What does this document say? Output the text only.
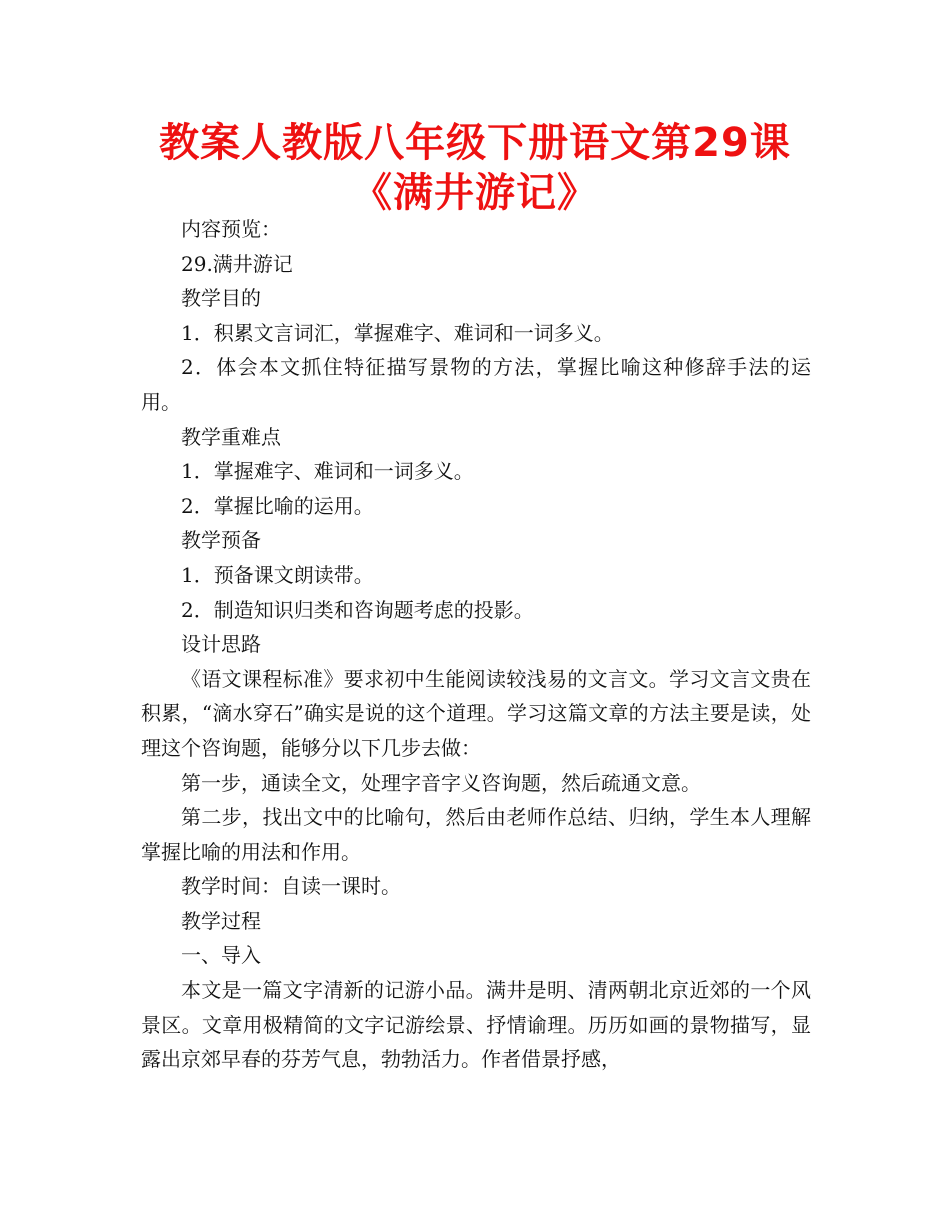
教案人教版八年级下册语文第29课《满井游记》

内容预览：

29.满井游记

教学目的

1．积累文言词汇，掌握难字、难词和一词多义。

2．体会本文抓住特征描写景物的方法，掌握比喻这种修辞手法的运用。

教学重难点

1．掌握难字、难词和一词多义。

2．掌握比喻的运用。

教学预备

1．预备课文朗读带。

2．制造知识归类和咨询题考虑的投影。

设计思路

《语文课程标准》要求初中生能阅读较浅易的文言文。学习文言文贵在积累，“滴水穿石”确实是说的这个道理。学习这篇文章的方法主要是读，处理这个咨询题，能够分以下几步去做：

第一步，通读全文，处理字音字义咨询题，然后疏通文意。

第二步，找出文中的比喻句，然后由老师作总结、归纳，学生本人理解掌握比喻的用法和作用。

教学时间：自读一课时。

教学过程

一、导入

本文是一篇文字清新的记游小品。满井是明、清两朝北京近郊的一个风景区。文章用极精简的文字记游绘景、抒情谕理。历历如画的景物描写，显露出京郊早春的芬芳气息，勃勃活力。作者借景抒感，
